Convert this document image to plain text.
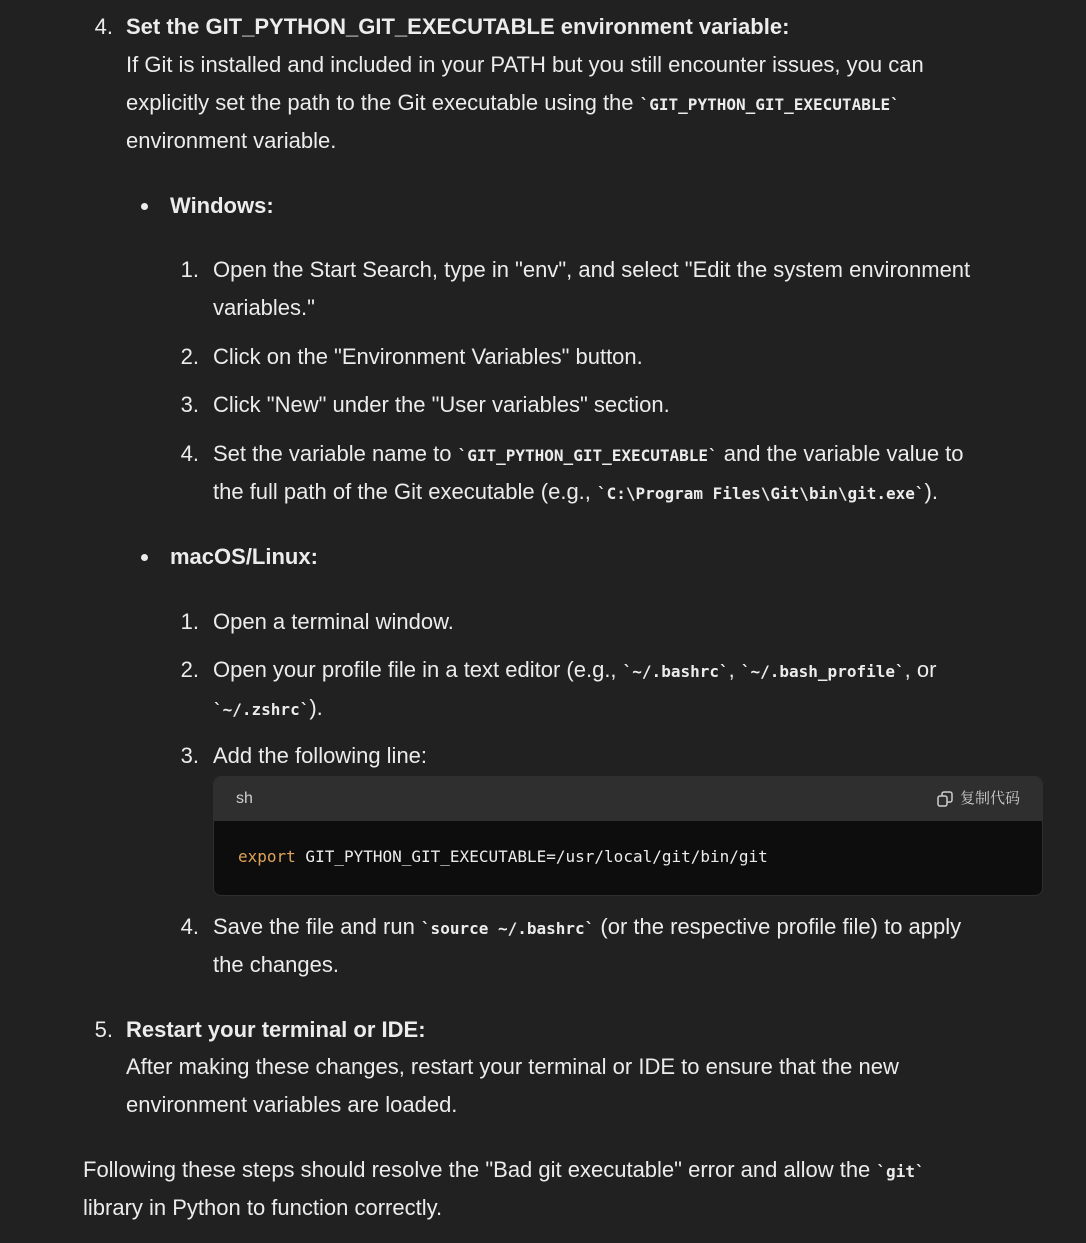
4. Set the GIT_PYTHON_GIT_EXECUTABLE environment variable:
If Git is installed and included in your PATH but you still encounter issues, you can
explicitly set the path to the Git executable using the `GIT_PYTHON_GIT_EXECUTABLE`
environment variable.
Windows:
1. Open the Start Search, type in "env", and select "Edit the system environment
variables."
2. Click on the "Environment Variables" button.
3. Click "New" under the "User variables" section.
4. Set the variable name to `GIT_PYTHON_GIT_EXECUTABLE` and the variable value to
the full path of the Git executable (e.g., `C:\Program Files\Git\bin\git.exe`).
macOS/Linux:
1. Open a terminal window.
2. Open your profile file in a text editor (e.g., `~/.bashrc`, `~/.bash_profile`, or
`~/.zshrc`).
3. Add the following line:
sh	复制代码
export GIT_PYTHON_GIT_EXECUTABLE=/usr/local/git/bin/git
4. Save the file and run `source ~/.bashrc` (or the respective profile file) to apply
the changes.
5. Restart your terminal or IDE:
After making these changes, restart your terminal or IDE to ensure that the new
environment variables are loaded.
Following these steps should resolve the "Bad git executable" error and allow the `git`
library in Python to function correctly.
